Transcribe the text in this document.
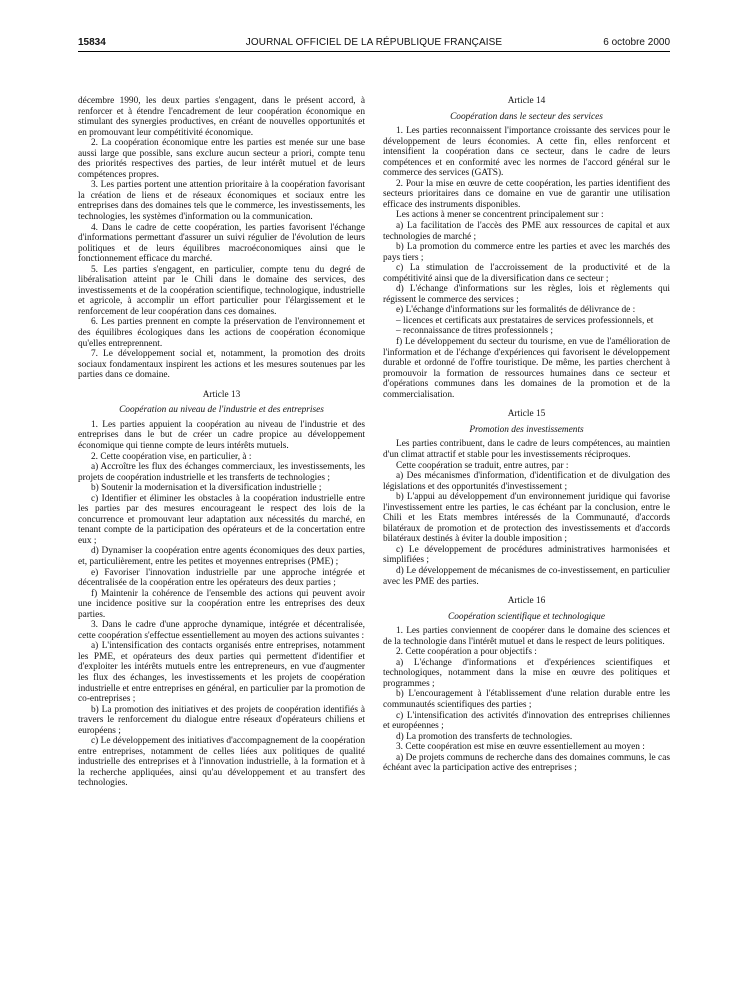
15834	JOURNAL OFFICIEL DE LA RÉPUBLIQUE FRANÇAISE	6 octobre 2000

décembre 1990, les deux parties s'engagent, dans le présent accord, à renforcer et à étendre l'encadrement de leur coopération économique en stimulant des synergies productives, en créant de nouvelles opportunités et en promouvant leur compétitivité économique.

2. La coopération économique entre les parties est menée sur une base aussi large que possible, sans exclure aucun secteur a priori, compte tenu des priorités respectives des parties, de leur intérêt mutuel et de leurs compétences propres.

3. Les parties portent une attention prioritaire à la coopération favorisant la création de liens et de réseaux économiques et sociaux entre les entreprises dans des domaines tels que le commerce, les investissements, les technologies, les systèmes d'information ou la communication.

4. Dans le cadre de cette coopération, les parties favorisent l'échange d'informations permettant d'assurer un suivi régulier de l'évolution de leurs politiques et de leurs équilibres macroéconomiques ainsi que le fonctionnement efficace du marché.

5. Les parties s'engagent, en particulier, compte tenu du degré de libéralisation atteint par le Chili dans le domaine des services, des investissements et de la coopération scientifique, technologique, industrielle et agricole, à accomplir un effort particulier pour l'élargissement et le renforcement de leur coopération dans ces domaines.

6. Les parties prennent en compte la préservation de l'environnement et des équilibres écologiques dans les actions de coopération économique qu'elles entreprennent.

7. Le développement social et, notamment, la promotion des droits sociaux fondamentaux inspirent les actions et les mesures soutenues par les parties dans ce domaine.

Article 13

Coopération au niveau de l'industrie et des entreprises

1. Les parties appuient la coopération au niveau de l'industrie et des entreprises dans le but de créer un cadre propice au développement économique qui tienne compte de leurs intérêts mutuels.

2. Cette coopération vise, en particulier, à :

a) Accroître les flux des échanges commerciaux, les investissements, les projets de coopération industrielle et les transferts de technologies ;

b) Soutenir la modernisation et la diversification industrielle ;

c) Identifier et éliminer les obstacles à la coopération industrielle entre les parties par des mesures encourageant le respect des lois de la concurrence et promouvant leur adaptation aux nécessités du marché, en tenant compte de la participation des opérateurs et de la concertation entre eux ;

d) Dynamiser la coopération entre agents économiques des deux parties, et, particulièrement, entre les petites et moyennes entreprises (PME) ;

e) Favoriser l'innovation industrielle par une approche intégrée et décentralisée de la coopération entre les opérateurs des deux parties ;

f) Maintenir la cohérence de l'ensemble des actions qui peuvent avoir une incidence positive sur la coopération entre les entreprises des deux parties.

3. Dans le cadre d'une approche dynamique, intégrée et décentralisée, cette coopération s'effectue essentiellement au moyen des actions suivantes :

a) L'intensification des contacts organisés entre entreprises, notamment les PME, et opérateurs des deux parties qui permettent d'identifier et d'exploiter les intérêts mutuels entre les entrepreneurs, en vue d'augmenter les flux des échanges, les investissements et les projets de coopération industrielle et entre entreprises en général, en particulier par la promotion de co-entreprises ;

b) La promotion des initiatives et des projets de coopération identifiés à travers le renforcement du dialogue entre réseaux d'opérateurs chiliens et européens ;

c) Le développement des initiatives d'accompagnement de la coopération entre entreprises, notamment de celles liées aux politiques de qualité industrielle des entreprises et à l'innovation industrielle, à la formation et à la recherche appliquées, ainsi qu'au développement et au transfert des technologies.

Article 14

Coopération dans le secteur des services

1. Les parties reconnaissent l'importance croissante des services pour le développement de leurs économies. A cette fin, elles renforcent et intensifient la coopération dans ce secteur, dans le cadre de leurs compétences et en conformité avec les normes de l'accord général sur le commerce des services (GATS).

2. Pour la mise en œuvre de cette coopération, les parties identifient des secteurs prioritaires dans ce domaine en vue de garantir une utilisation efficace des instruments disponibles.

Les actions à mener se concentrent principalement sur :

a) La facilitation de l'accès des PME aux ressources de capital et aux technologies de marché ;

b) La promotion du commerce entre les parties et avec les marchés des pays tiers ;

c) La stimulation de l'accroissement de la productivité et de la compétitivité ainsi que de la diversification dans ce secteur ;

d) L'échange d'informations sur les règles, lois et règlements qui régissent le commerce des services ;

e) L'échange d'informations sur les formalités de délivrance de :

– licences et certificats aux prestataires de services professionnels, et

– reconnaissance de titres professionnels ;

f) Le développement du secteur du tourisme, en vue de l'amélioration de l'information et de l'échange d'expériences qui favorisent le développement durable et ordonné de l'offre touristique. De même, les parties cherchent à promouvoir la formation de ressources humaines dans ce secteur et d'opérations communes dans les domaines de la promotion et de la commercialisation.

Article 15

Promotion des investissements

Les parties contribuent, dans le cadre de leurs compétences, au maintien d'un climat attractif et stable pour les investissements réciproques.

Cette coopération se traduit, entre autres, par :

a) Des mécanismes d'information, d'identification et de divulgation des législations et des opportunités d'investissement ;

b) L'appui au développement d'un environnement juridique qui favorise l'investissement entre les parties, le cas échéant par la conclusion, entre le Chili et les Etats membres intéressés de la Communauté, d'accords bilatéraux de promotion et de protection des investissements et d'accords bilatéraux destinés à éviter la double imposition ;

c) Le développement de procédures administratives harmonisées et simplifiées ;

d) Le développement de mécanismes de co-investissement, en particulier avec les PME des parties.

Article 16

Coopération scientifique et technologique

1. Les parties conviennent de coopérer dans le domaine des sciences et de la technologie dans l'intérêt mutuel et dans le respect de leurs politiques.

2. Cette coopération a pour objectifs :

a) L'échange d'informations et d'expériences scientifiques et technologiques, notamment dans la mise en œuvre des politiques et programmes ;

b) L'encouragement à l'établissement d'une relation durable entre les communautés scientifiques des parties ;

c) L'intensification des activités d'innovation des entreprises chiliennes et européennes ;

d) La promotion des transferts de technologies.

3. Cette coopération est mise en œuvre essentiellement au moyen :

a) De projets communs de recherche dans des domaines communs, le cas échéant avec la participation active des entreprises ;
